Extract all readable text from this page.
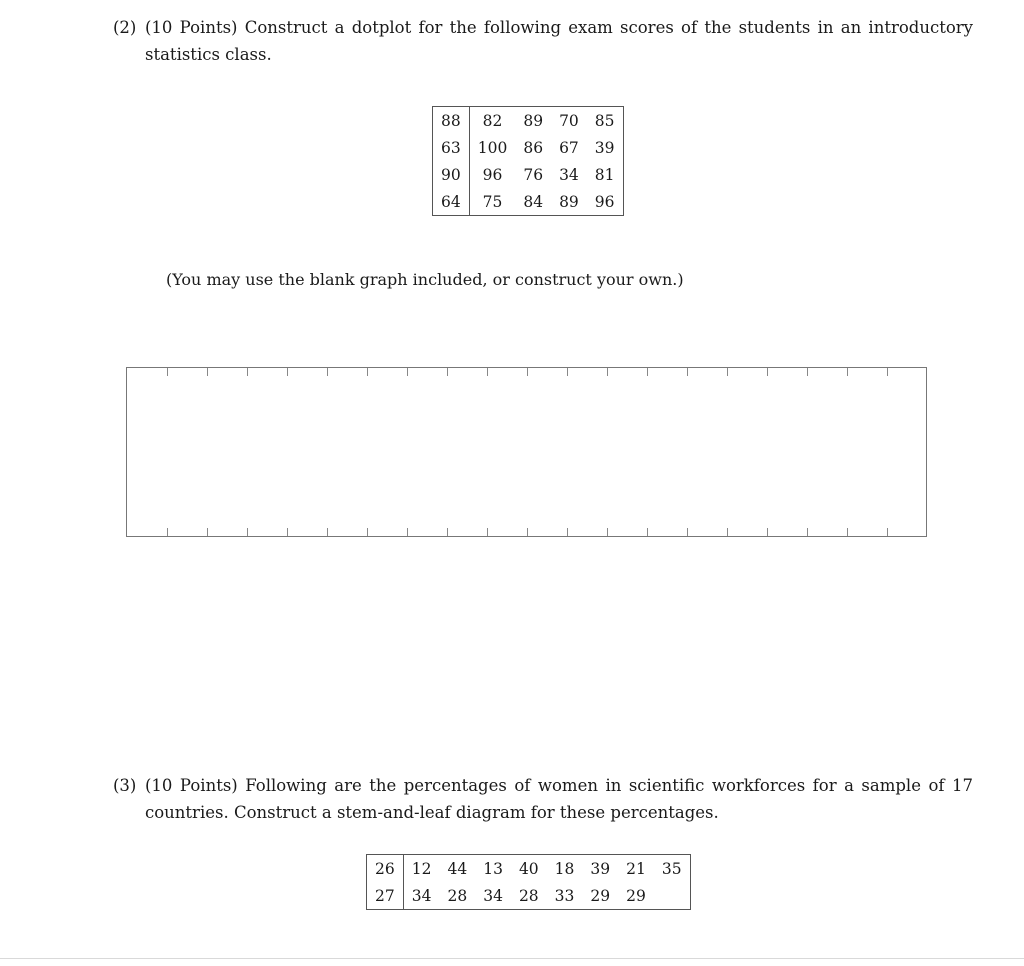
(2) (10 Points) Construct a dotplot for the following exam scores of the students in an introductory statistics class.
88	82	89	70	85
63	100	86	67	39
90	96	76	34	81
64	75	84	89	96
(You may use the blank graph included, or construct your own.)
(3) (10 Points) Following are the percentages of women in scientific workforces for a sample of 17 countries. Construct a stem-and-leaf diagram for these percentages.
26	12	44	13	40	18	39	21	35
27	34	28	34	28	33	29	29	
